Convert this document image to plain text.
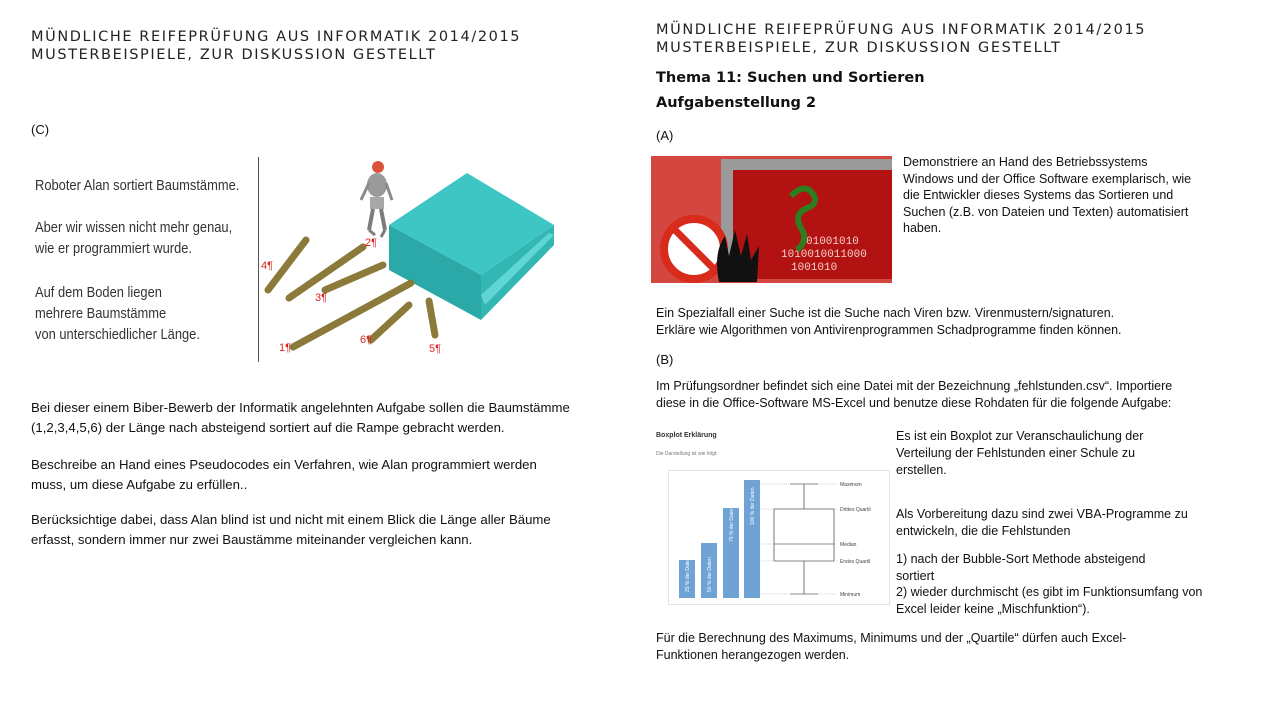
MÜNDLICHE REIFEPRÜFUNG AUS INFORMATIK 2014/2015
MUSTERBEISPIELE, ZUR DISKUSSION GESTELLT
(C)
Roboter Alan sortiert Baumstämme.
Aber wir wissen nicht mehr genau,
wie er programmiert wurde.
Auf dem Boden liegen
mehrere Baumstämme
von unterschiedlicher Länge.
1¶
2¶
3¶
4¶
5¶
6¶
Bei dieser einem Biber-Bewerb der Informatik angelehnten Aufgabe sollen die Baumstämme (1,2,3,4,5,6) der Länge nach absteigend sortiert auf die Rampe gebracht werden.
Beschreibe an Hand eines Pseudocodes ein Verfahren, wie Alan programmiert werden muss, um diese Aufgabe zu erfüllen..
Berücksichtige dabei, dass Alan blind ist und nicht mit einem Blick die Länge aller Bäume erfasst, sondern immer nur zwei Baustämme miteinander vergleichen kann.
MÜNDLICHE REIFEPRÜFUNG AUS INFORMATIK 2014/2015
MUSTERBEISPIELE, ZUR DISKUSSION GESTELLT
Thema 11: Suchen und Sortieren
Aufgabenstellung 2
(A)
01001010
1010010011000
1001010
Demonstriere an Hand des Betriebssystems Windows und der Office Software exemplarisch, wie die Entwickler dieses Systems das Sortieren und Suchen (z.B. von Dateien und Texten) automatisiert haben.
Ein Spezialfall einer Suche ist die Suche nach Viren bzw. Virenmustern/signaturen. Erkläre wie Algorithmen von Antivirenprogrammen Schadprogramme finden können.
(B)
Im Prüfungsordner befindet sich eine Datei mit der Bezeichnung „fehlstunden.csv“. Importiere diese in die Office-Software MS-Excel und benutze diese Rohdaten für die folgende Aufgabe:
Boxplot Erklärung
Die Darstellung ist wie folgt:
25 % der Daten	50 % der Daten
75 % der Daten	100 % der Daten
Maximum
Drittes Quartil
Median
Erstes Quartil
Minimum
Es ist ein Boxplot zur Veranschaulichung der Verteilung der Fehlstunden einer Schule zu erstellen.
Als Vorbereitung dazu sind zwei VBA-Programme zu entwickeln, die die Fehlstunden
1) nach der Bubble-Sort Methode absteigend sortiert
2) wieder durchmischt (es gibt im Funktionsumfang von Excel leider keine „Mischfunktion“).
Für die Berechnung des Maximums, Minimums und der „Quartile“ dürfen auch Excel-Funktionen herangezogen werden.
